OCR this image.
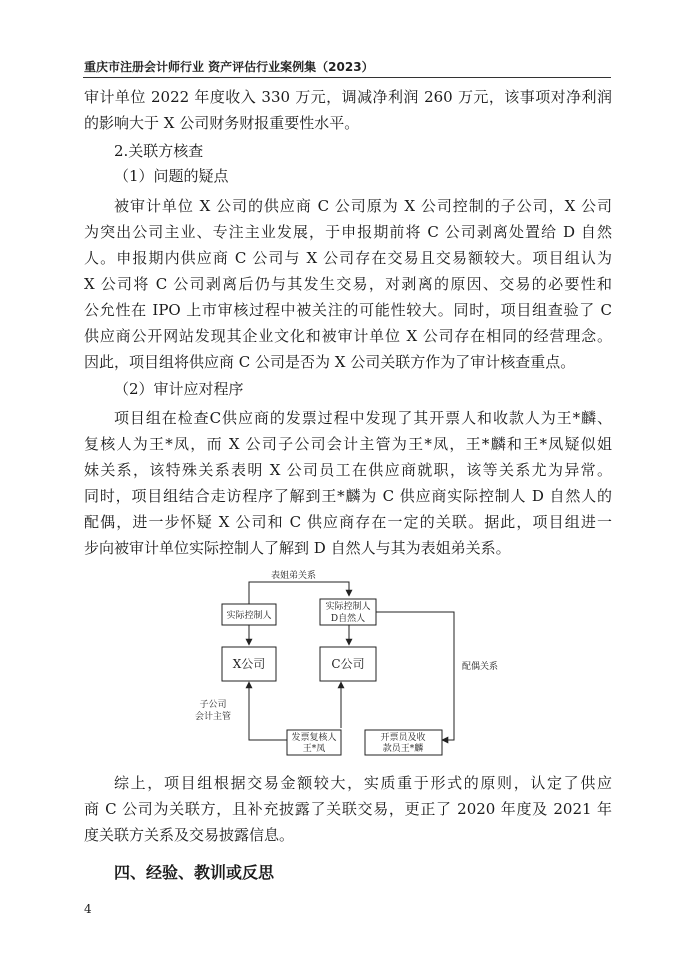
重庆市注册会计师行业 资产评估行业案例集（2023）
审计单位 2022 年度收入 330 万元，调减净利润 260 万元，该事项对净利润
的影响大于 X 公司财务财报重要性水平。
2.关联方核查
（1）问题的疑点
被审计单位 X 公司的供应商 C 公司原为 X 公司控制的子公司，X 公司
为突出公司主业、专注主业发展，于申报期前将 C 公司剥离处置给 D 自然
人。申报期内供应商 C 公司与 X 公司存在交易且交易额较大。项目组认为
X 公司将 C 公司剥离后仍与其发生交易，对剥离的原因、交易的必要性和
公允性在 IPO 上市审核过程中被关注的可能性较大。同时，项目组查验了 C
供应商公开网站发现其企业文化和被审计单位 X 公司存在相同的经营理念。
因此，项目组将供应商 C 公司是否为 X 公司关联方作为了审计核查重点。
（2）审计应对程序
项目组在检查C供应商的发票过程中发现了其开票人和收款人为王*麟、
复核人为王*凤，而 X 公司子公司会计主管为王*凤，王*麟和王*凤疑似姐
妹关系，该特殊关系表明 X 公司员工在供应商就职，该等关系尤为异常。
同时，项目组结合走访程序了解到王*麟为 C 供应商实际控制人 D 自然人的
配偶，进一步怀疑 X 公司和 C 供应商存在一定的关联。据此，项目组进一
步向被审计单位实际控制人了解到 D 自然人与其为表姐弟关系。
表姐弟关系
实际控制人
实际控制人
D自然人
X公司	C公司	配偶关系
子公司
会计主管
发票复核人
王*凤
开票员及收
款员王*麟
综上，项目组根据交易金额较大，实质重于形式的原则，认定了供应
商 C 公司为关联方，且补充披露了关联交易，更正了 2020 年度及 2021 年
度关联方关系及交易披露信息。
四、经验、教训或反思
4
